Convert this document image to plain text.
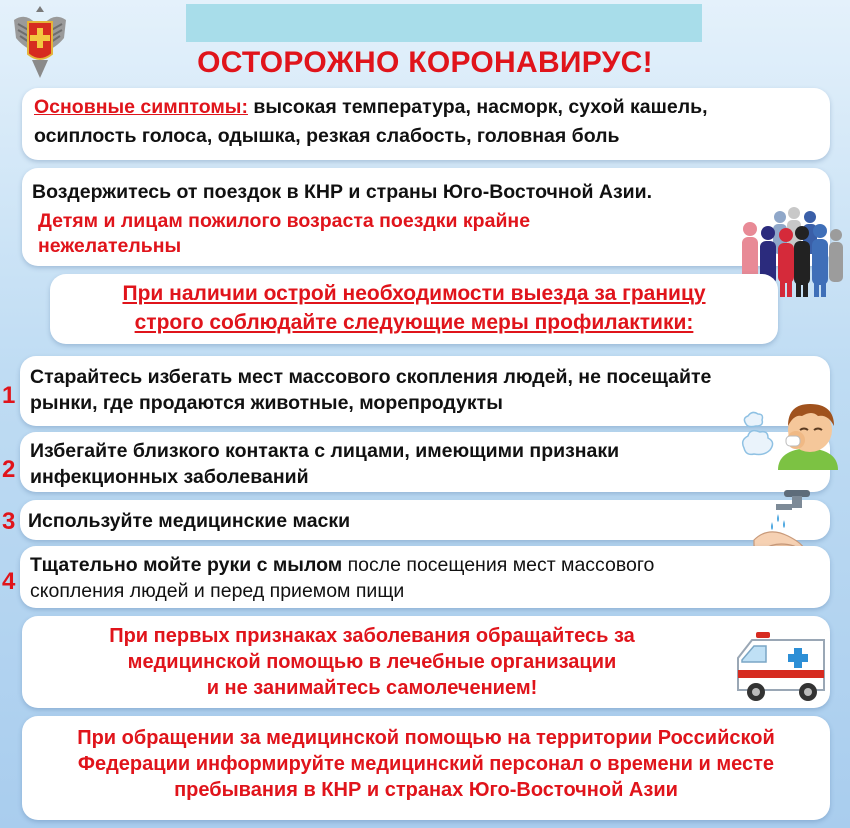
ОСТОРОЖНО КОРОНАВИРУС!
Основные симптомы: высокая температура, насморк, сухой кашель,
осиплость голоса, одышка, резкая слабость, головная боль
Воздержитесь от поездок в КНР и страны Юго-Восточной Азии.
Детям и лицам пожилого возраста поездки крайне
нежелательны
При наличии острой необходимости выезда за границу
строго соблюдайте следующие меры профилактики:
1
Старайтесь избегать мест массового скопления людей, не посещайте
рынки, где продаются животные, морепродукты
2
Избегайте близкого контакта с лицами, имеющими признаки
инфекционных заболеваний
3 Используйте медицинские маски
4
Тщательно мойте руки с мылом после посещения мест массового
скопления людей и перед приемом пищи
При первых признаках заболевания обращайтесь за
медицинской помощью в лечебные организации
и не занимайтесь самолечением!
При обращении за медицинской помощью на территории Российской
Федерации информируйте медицинский персонал о времени и месте
пребывания в КНР и странах Юго-Восточной Азии
